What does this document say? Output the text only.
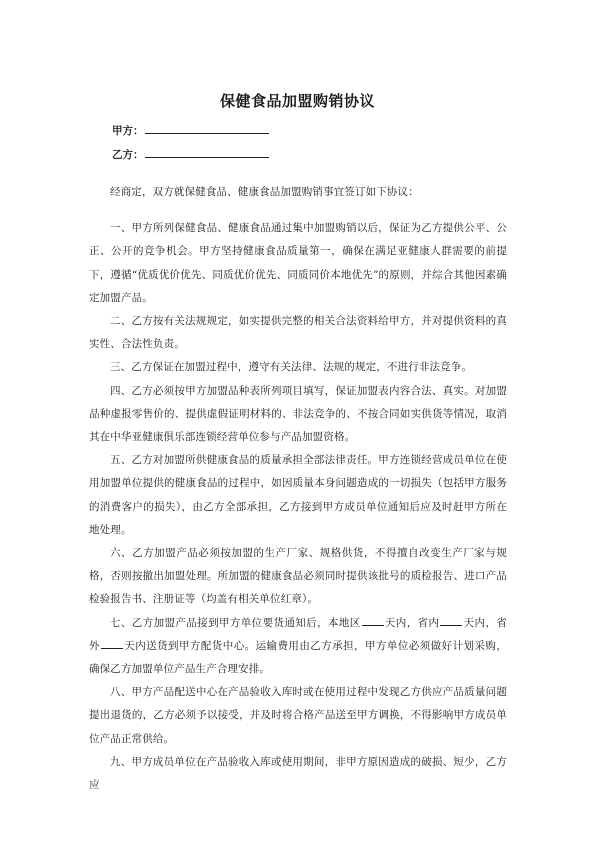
保健食品加盟购销协议
甲方：
乙方：

经商定，双方就保健食品、健康食品加盟购销事宜签订如下协议：

一、甲方所列保健食品、健康食品通过集中加盟购销以后，保证为乙方提供公平、公正、公开的竞争机会。甲方坚持健康食品质量第一，确保在满足亚健康人群需要的前提下，遵循“优质优价优先、同质优价优先、同质同价本地优先”的原则，并综合其他因素确定加盟产品。

二、乙方按有关法规规定，如实提供完整的相关合法资料给甲方，并对提供资料的真实性、合法性负责。

三、乙方保证在加盟过程中，遵守有关法律、法规的规定，不进行非法竞争。

四、乙方必须按甲方加盟品种表所列项目填写，保证加盟表内容合法、真实。对加盟品种虚报零售价的、提供虚假证明材料的、非法竞争的、不按合同如实供货等情况，取消其在中华亚健康俱乐部连锁经营单位参与产品加盟资格。

五、乙方对加盟所供健康食品的质量承担全部法律责任。甲方连锁经营成员单位在使用加盟单位提供的健康食品的过程中，如因质量本身问题造成的一切损失（包括甲方服务的消费客户的损失），由乙方全部承担，乙方接到甲方成员单位通知后应及时赶甲方所在地处理。

六、乙方加盟产品必须按加盟的生产厂家、规格供货，不得擅自改变生产厂家与规格，否则按撤出加盟处理。所加盟的健康食品必须同时提供该批号的质检报告、进口产品检验报告书、注册证等（均盖有相关单位红章）。

七、乙方加盟产品接到甲方单位要货通知后，本地区 天内，省内 天内，省外 天内送货到甲方配货中心。运输费用由乙方承担，甲方单位必须做好计划采购，确保乙方加盟单位产品生产合理安排。

八、甲方产品配送中心在产品验收入库时或在使用过程中发现乙方供应产品质量问题提出退货的，乙方必须予以接受，并及时将合格产品送至甲方调换，不得影响甲方成员单位产品正常供给。

九、甲方成员单位在产品验收入库或使用期间，非甲方原因造成的破损、短少，乙方应
